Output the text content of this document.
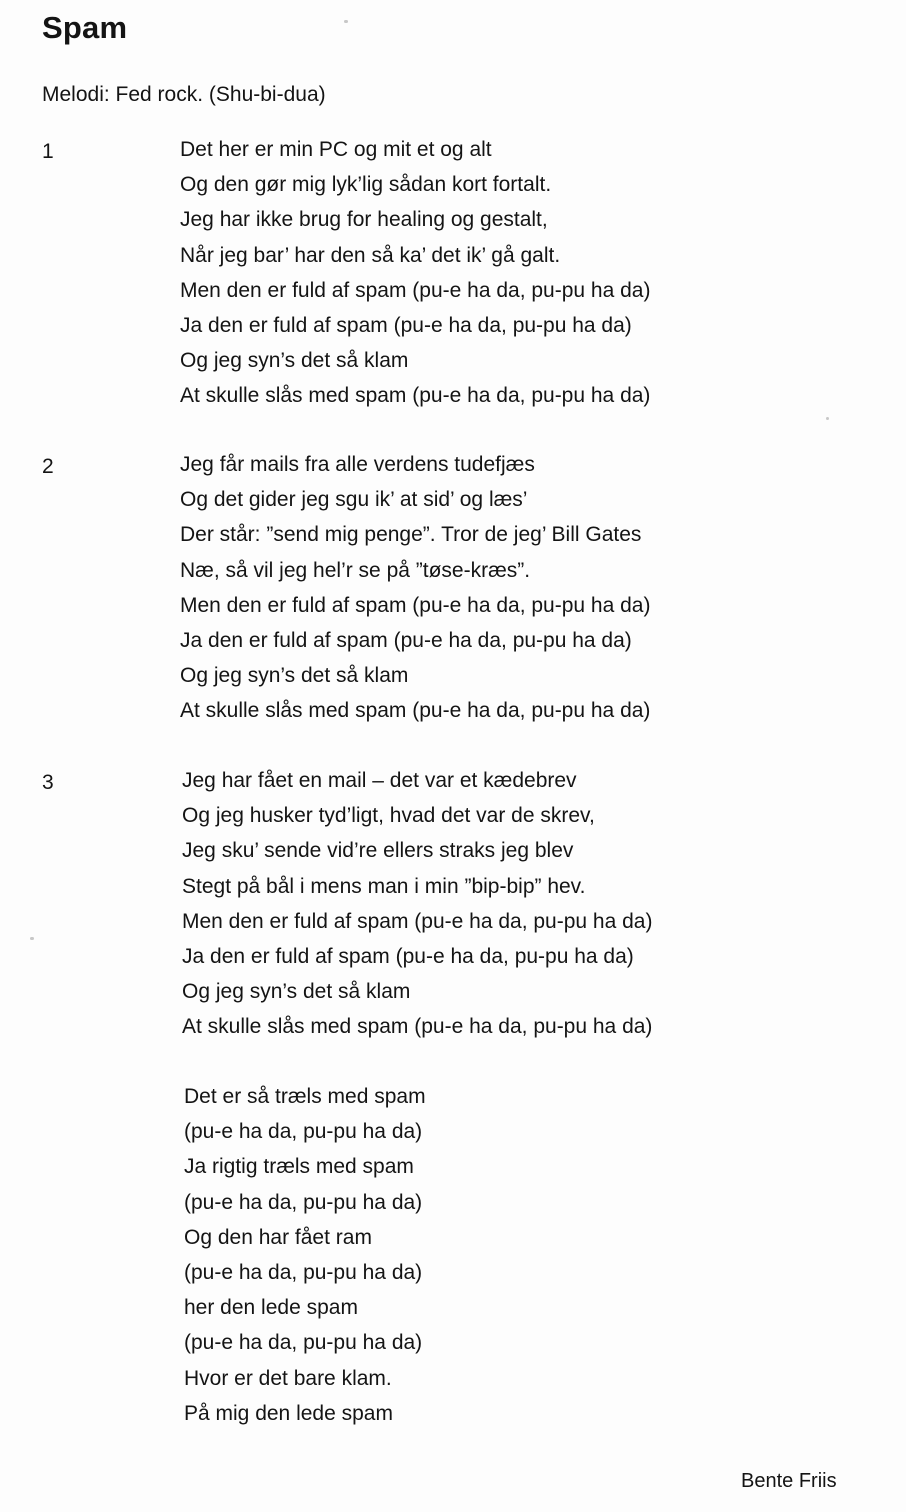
Spam
Melodi: Fed rock. (Shu-bi-dua)
1	Det her er min PC og mit et og alt
Og den gør mig lyk’lig sådan kort fortalt.
Jeg har ikke brug for healing og gestalt,
Når jeg bar’ har den så ka’ det ik’ gå galt.
Men den er fuld af spam (pu-e ha da, pu-pu ha da)
Ja den er fuld af spam (pu-e ha da, pu-pu ha da)
Og jeg syn’s det så klam
At skulle slås med spam (pu-e ha da, pu-pu ha da)
2	Jeg får mails fra alle verdens tudefjæs
Og det gider jeg sgu ik’ at sid’ og læs’
Der står: ”send mig penge”. Tror de jeg’ Bill Gates
Næ, så vil jeg hel’r se på ”tøse-kræs”.
Men den er fuld af spam (pu-e ha da, pu-pu ha da)
Ja den er fuld af spam (pu-e ha da, pu-pu ha da)
Og jeg syn’s det så klam
At skulle slås med spam (pu-e ha da, pu-pu ha da)
3	Jeg har fået en mail – det var et kædebrev
Og jeg husker tyd’ligt, hvad det var de skrev,
Jeg sku’ sende vid’re ellers straks jeg blev
Stegt på bål i mens man i min ”bip-bip” hev.
Men den er fuld af spam (pu-e ha da, pu-pu ha da)
Ja den er fuld af spam (pu-e ha da, pu-pu ha da)
Og jeg syn’s det så klam
At skulle slås med spam (pu-e ha da, pu-pu ha da)
Det er så træls med spam
(pu-e ha da, pu-pu ha da)
Ja rigtig træls med spam
(pu-e ha da, pu-pu ha da)
Og den har fået ram
(pu-e ha da, pu-pu ha da)
her den lede spam
(pu-e ha da, pu-pu ha da)
Hvor er det bare klam.
På mig den lede spam
Bente Friis
